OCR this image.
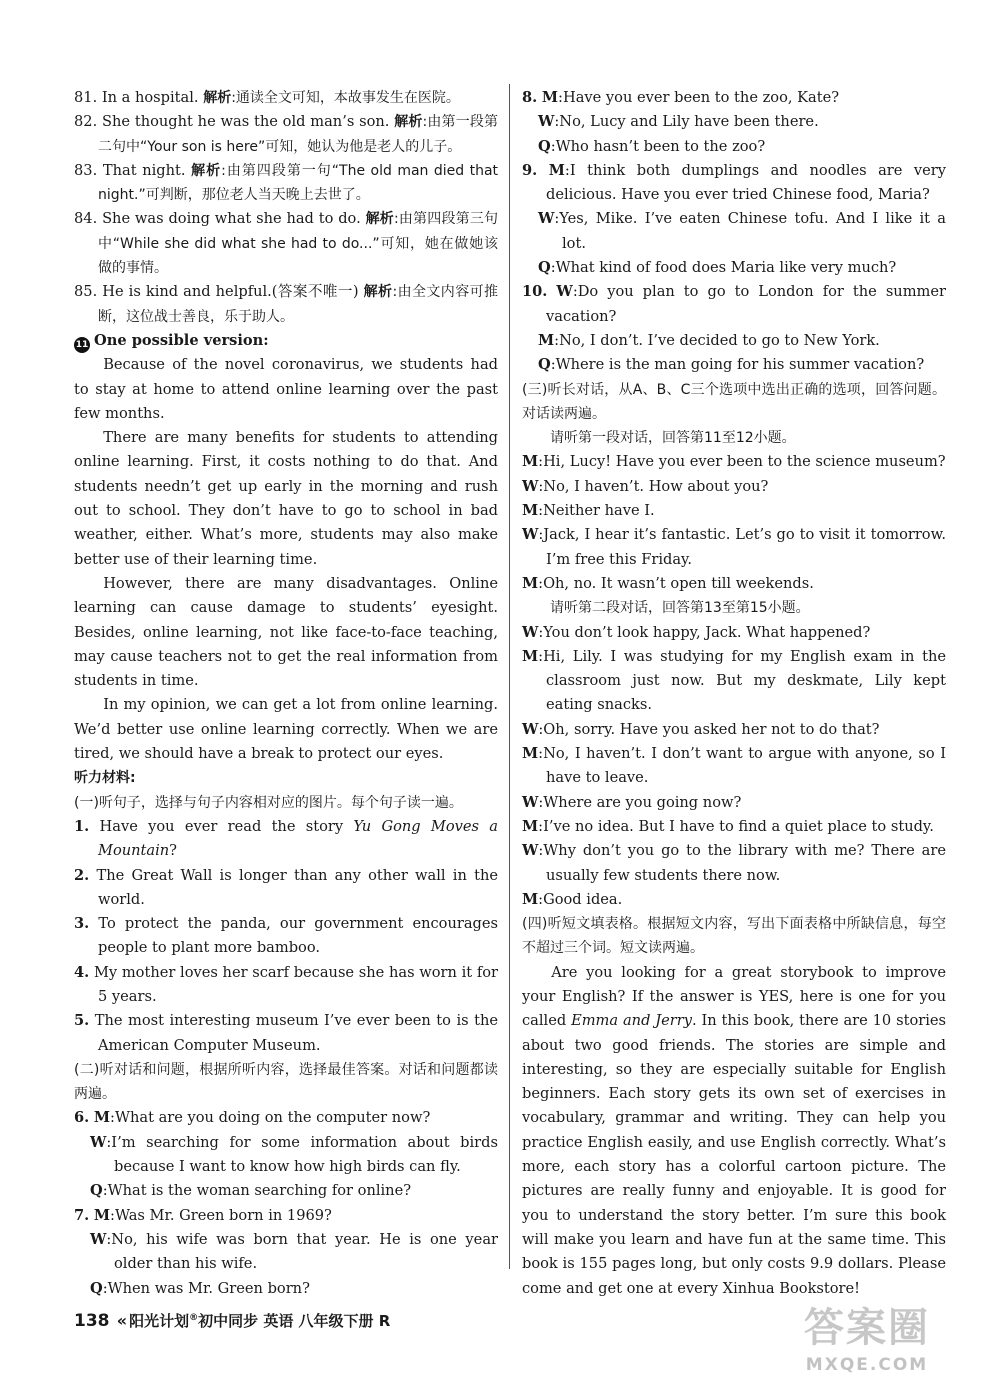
81. In a hospital. 解析:通读全文可知，本故事发生在医院。

82. She thought he was the old man’s son. 解析:由第一段第二句中“Your son is here”可知，她认为他是老人的儿子。

83. That night. 解析:由第四段第一句“The old man died that night.”可判断，那位老人当天晚上去世了。

84. She was doing what she had to do. 解析:由第四段第三句中“While she did what she had to do...”可知，她在做她该做的事情。

85. He is kind and helpful.(答案不唯一) 解析:由全文内容可推断，这位战士善良，乐于助人。

11 One possible version:

Because of the novel coronavirus, we students had to stay at home to attend online learning over the past few months.

There are many benefits for students to attending online learning. First, it costs nothing to do that. And students needn’t get up early in the morning and rush out to school. They don’t have to go to school in bad weather, either. What’s more, students may also make better use of their learning time.

However, there are many disadvantages. Online learning can cause damage to students’ eyesight. Besides, online learning, not like face-to-face teaching, may cause teachers not to get the real information from students in time.

In my opinion, we can get a lot from online learning. We’d better use online learning correctly. When we are tired, we should have a break to protect our eyes.

听力材料:

(一)听句子，选择与句子内容相对应的图片。每个句子读一遍。

1. Have you ever read the story Yu Gong Moves a Mountain?

2. The Great Wall is longer than any other wall in the world.

3. To protect the panda, our government encourages people to plant more bamboo.

4. My mother loves her scarf because she has worn it for 5 years.

5. The most interesting museum I’ve ever been to is the American Computer Museum.

(二)听对话和问题，根据所听内容，选择最佳答案。对话和问题都读两遍。

6. M:What are you doing on the computer now?

W:I’m searching for some information about birds because I want to know how high birds can fly.

Q:What is the woman searching for online?

7. M:Was Mr. Green born in 1969?

W:No, his wife was born that year. He is one year older than his wife.

Q:When was Mr. Green born?

8. M:Have you ever been to the zoo, Kate?

W:No, Lucy and Lily have been there.

Q:Who hasn’t been to the zoo?

9. M:I think both dumplings and noodles are very delicious. Have you ever tried Chinese food, Maria?

W:Yes, Mike. I’ve eaten Chinese tofu. And I like it a lot.

Q:What kind of food does Maria like very much?

10. W:Do you plan to go to London for the summer vacation?

M:No, I don’t. I’ve decided to go to New York.

Q:Where is the man going for his summer vacation?

(三)听长对话，从A、B、C三个选项中选出正确的选项，回答问题。对话读两遍。

请听第一段对话，回答第11至12小题。

M:Hi, Lucy! Have you ever been to the science museum?

W:No, I haven’t. How about you?

M:Neither have I.

W:Jack, I hear it’s fantastic. Let’s go to visit it tomorrow. I’m free this Friday.

M:Oh, no. It wasn’t open till weekends.

请听第二段对话，回答第13至第15小题。

W:You don’t look happy, Jack. What happened?

M:Hi, Lily. I was studying for my English exam in the classroom just now. But my deskmate, Lily kept eating snacks.

W:Oh, sorry. Have you asked her not to do that?

M:No, I haven’t. I don’t want to argue with anyone, so I have to leave.

W:Where are you going now?

M:I’ve no idea. But I have to find a quiet place to study.

W:Why don’t you go to the library with me? There are usually few students there now.

M:Good idea.

(四)听短文填表格。根据短文内容，写出下面表格中所缺信息，每空不超过三个词。短文读两遍。

Are you looking for a great storybook to improve your English? If the answer is YES, here is one for you called Emma and Jerry. In this book, there are 10 stories about two good friends. The stories are simple and interesting, so they are especially suitable for English beginners. Each story gets its own set of exercises in vocabulary, grammar and writing. They can help you practice English easily, and use English correctly. What’s more, each story has a colorful cartoon picture. The pictures are really funny and enjoyable. It is good for you to understand the story better. I’m sure this book will make you learn and have fun at the same time. This book is 155 pages long, but only costs 9.9 dollars. Please come and get one at every Xinhua Bookstore!

138 « 阳光计划®初中同步 英语 八年级下册 R	答案圈
MXQE.COM
